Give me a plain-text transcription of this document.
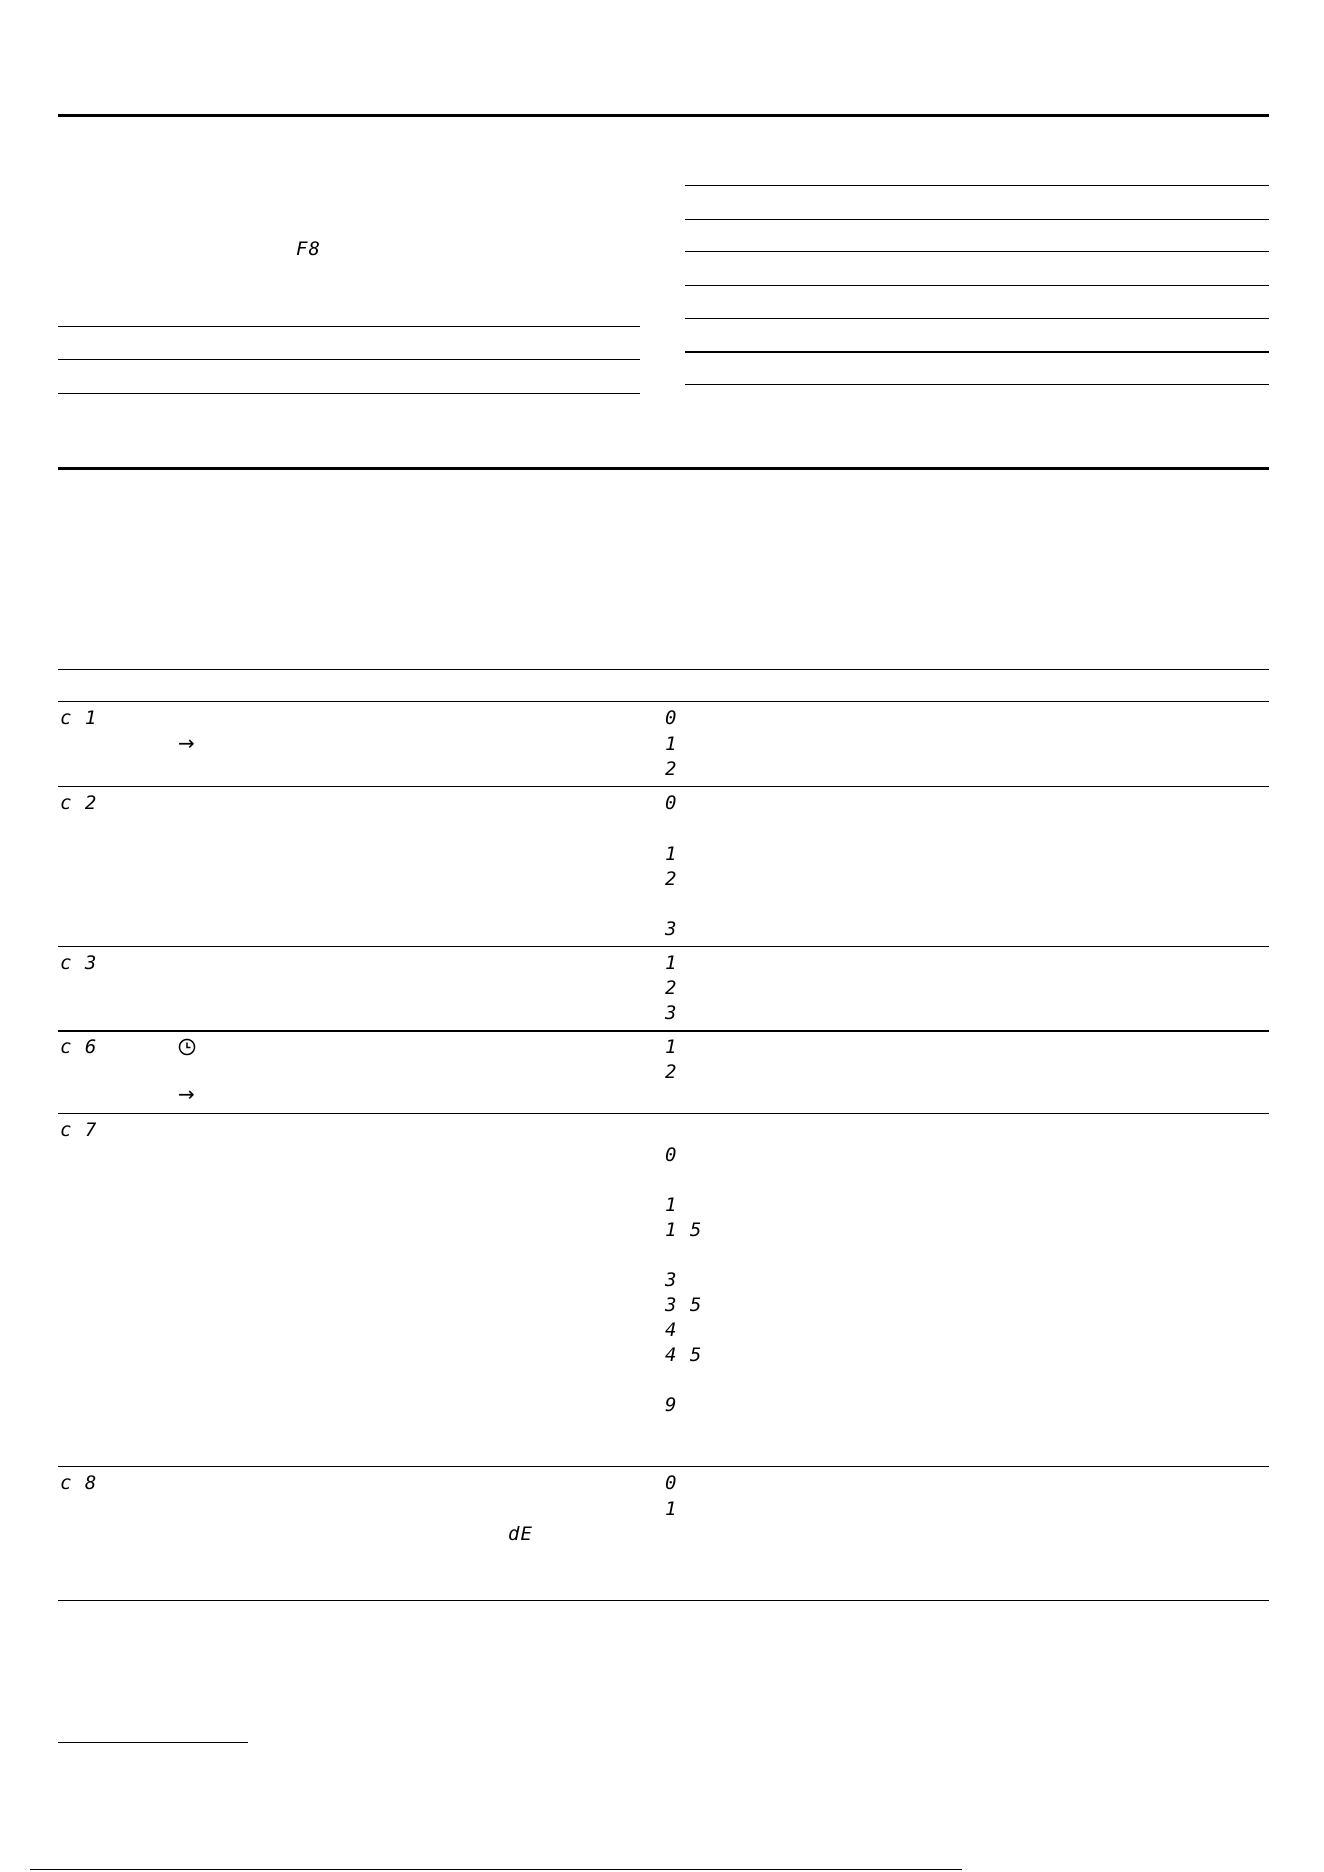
F8
c 1
→
0
1
2
c 2	0
1
2
3
c 3	1
2
3
c 6
→
1
2
c 7
0
1
1 5
3
3 5
4
4 5
9
c 8
dE
0
1
